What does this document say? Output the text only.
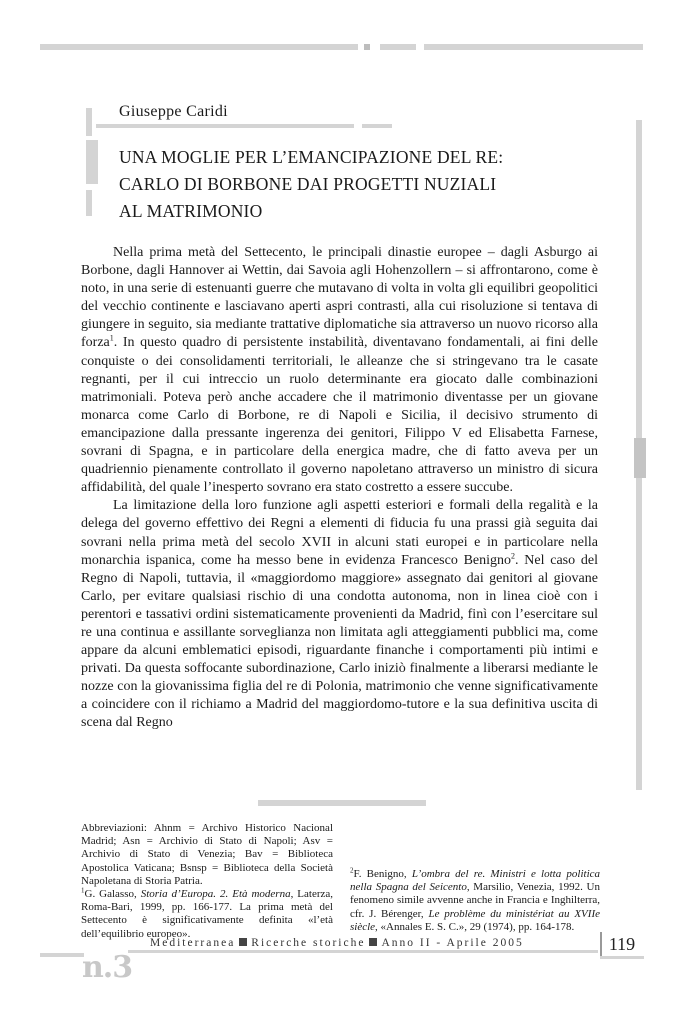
Giuseppe Caridi
UNA MOGLIE PER L’EMANCIPAZIONE DEL RE:
CARLO DI BORBONE DAI PROGETTI NUZIALI
AL MATRIMONIO

Nella prima metà del Settecento, le principali dinastie europee – dagli Asburgo ai Borbone, dagli Hannover ai Wettin, dai Savoia agli Hohenzollern – si affrontarono, come è noto, in una serie di estenuanti guerre che mutavano di volta in volta gli equilibri geopolitici del vecchio continente e lasciavano aperti aspri contrasti, alla cui risoluzione si tentava di giungere in seguito, sia mediante trattative diplomatiche sia attraverso un nuovo ricorso alla forza$^1$. In questo quadro di persistente instabilità, diventavano fondamentali, ai fini delle conquiste o dei consolidamenti territoriali, le alleanze che si stringevano tra le casate regnanti, per il cui intreccio un ruolo determinante era giocato dalle combinazioni matrimoniali. Poteva però anche accadere che il matrimonio diventasse per un giovane monarca come Carlo di Borbone, re di Napoli e Sicilia, il decisivo strumento di emancipazione dalla pressante ingerenza dei genitori, Filippo V ed Elisabetta Farnese, sovrani di Spagna, e in particolare della energica madre, che di fatto aveva per un quadriennio pienamente controllato il governo napoletano attraverso un ministro di sicura affidabilità, del quale l’inesperto sovrano era stato costretto a essere succube.

La limitazione della loro funzione agli aspetti esteriori e formali della regalità e la delega del governo effettivo dei Regni a elementi di fiducia fu una prassi già seguita dai sovrani nella prima metà del secolo XVII in alcuni stati europei e in particolare nella monarchia ispanica, come ha messo bene in evidenza Francesco Benigno$^2$. Nel caso del Regno di Napoli, tuttavia, il «maggiordomo maggiore» assegnato dai genitori al giovane Carlo, per evitare qualsiasi rischio di una condotta autonoma, non in linea cioè con i perentori e tassativi ordini sistematicamente provenienti da Madrid, finì con l’esercitare sul re una continua e assillante sorveglianza non limitata agli atteggiamenti pubblici ma, come appare da alcuni emblematici episodi, riguardante finanche i comportamenti più intimi e privati. Da questa soffocante subordinazione, Carlo iniziò finalmente a liberarsi mediante le nozze con la giovanissima figlia del re di Polonia, matrimonio che venne significativamente a coincidere con il richiamo a Madrid del maggiordomo-tutore e la sua definitiva uscita di scena dal Regno

Abbreviazioni: Ahnm = Archivo Historico Nacional Madrid; Asn = Archivio di Stato di Napoli; Asv = Archivio di Stato di Venezia; Bav = Biblioteca Apostolica Vaticana; Bsnsp = Biblioteca della Società Napoletana di Storia Patria.

$^1$G. Galasso, Storia d’Europa. 2. Età moderna, Laterza, Roma-Bari, 1999, pp. 166-177. La prima metà del Settecento è significativamente definita «l’età dell’equilibrio europeo».

$^2$F. Benigno, L’ombra del re. Ministri e lotta politica nella Spagna del Seicento, Marsilio, Venezia, 1992. Un fenomeno simile avvenne anche in Francia e Inghilterra, cfr. J. Bérenger, Le problème du ministériat au XVIIe siècle, «Annales E. S. C.», 29 (1974), pp. 164-178.

Mediterranea Ricerche storiche Anno II - Aprile 2005	119
n.3
